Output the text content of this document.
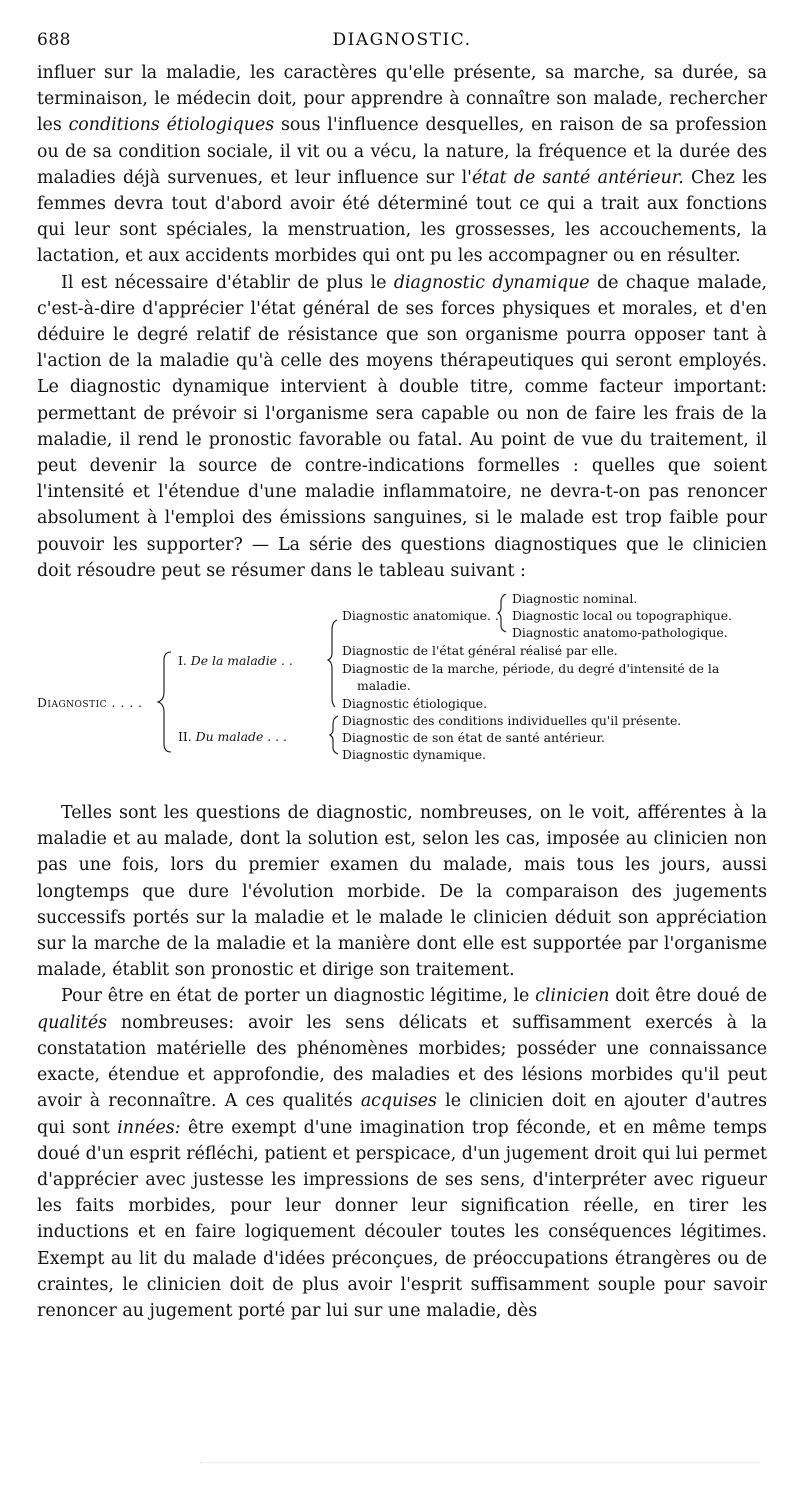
688	DIAGNOSTIC.

influer sur la maladie, les caractères qu'elle présente, sa marche, sa durée, sa terminaison, le médecin doit, pour apprendre à connaître son malade, rechercher les conditions étiologiques sous l'influence desquelles, en raison de sa profession ou de sa condition sociale, il vit ou a vécu, la nature, la fréquence et la durée des maladies déjà survenues, et leur influence sur l'état de santé antérieur. Chez les femmes devra tout d'abord avoir été déterminé tout ce qui a trait aux fonctions qui leur sont spéciales, la menstruation, les grossesses, les accouchements, la lactation, et aux accidents morbides qui ont pu les accompagner ou en résulter.

Il est nécessaire d'établir de plus le diagnostic dynamique de chaque malade, c'est-à-dire d'apprécier l'état général de ses forces physiques et morales, et d'en déduire le degré relatif de résistance que son organisme pourra opposer tant à l'action de la maladie qu'à celle des moyens thérapeutiques qui seront employés. Le diagnostic dynamique intervient à double titre, comme facteur important: permettant de prévoir si l'organisme sera capable ou non de faire les frais de la maladie, il rend le pronostic favorable ou fatal. Au point de vue du traitement, il peut devenir la source de contre-indications formelles : quelles que soient l'intensité et l'étendue d'une maladie inflammatoire, ne devra-t-on pas renoncer absolument à l'emploi des émissions sanguines, si le malade est trop faible pour pouvoir les supporter? — La série des questions diagnostiques que le clinicien doit résoudre peut se résumer dans le tableau suivant :

Diagnostic . . . .
I. De la maladie . .
Diagnostic anatomique. .
Diagnostic nominal.
Diagnostic local ou topographique.
Diagnostic anatomo-pathologique.
Diagnostic de l'état général réalisé par elle.
Diagnostic de la marche, période, du degré d'intensité de la
maladie.
Diagnostic étiologique.
II. Du malade . . .
Diagnostic des conditions individuelles qu'il présente.
Diagnostic de son état de santé antérieur.
Diagnostic dynamique.

Telles sont les questions de diagnostic, nombreuses, on le voit, afférentes à la maladie et au malade, dont la solution est, selon les cas, imposée au clinicien non pas une fois, lors du premier examen du malade, mais tous les jours, aussi longtemps que dure l'évolution morbide. De la comparaison des jugements successifs portés sur la maladie et le malade le clinicien déduit son appréciation sur la marche de la maladie et la manière dont elle est supportée par l'organisme malade, établit son pronostic et dirige son traitement.

Pour être en état de porter un diagnostic légitime, le clinicien doit être doué de qualités nombreuses: avoir les sens délicats et suffisamment exercés à la constatation matérielle des phénomènes morbides; posséder une connaissance exacte, étendue et approfondie, des maladies et des lésions morbides qu'il peut avoir à reconnaître. A ces qualités acquises le clinicien doit en ajouter d'autres qui sont innées: être exempt d'une imagination trop féconde, et en même temps doué d'un esprit réfléchi, patient et perspicace, d'un jugement droit qui lui permet d'apprécier avec justesse les impressions de ses sens, d'interpréter avec rigueur les faits morbides, pour leur donner leur signification réelle, en tirer les inductions et en faire logiquement découler toutes les conséquences légitimes. Exempt au lit du malade d'idées préconçues, de préoccupations étrangères ou de craintes, le clinicien doit de plus avoir l'esprit suffisamment souple pour savoir renoncer au jugement porté par lui sur une maladie, dès
